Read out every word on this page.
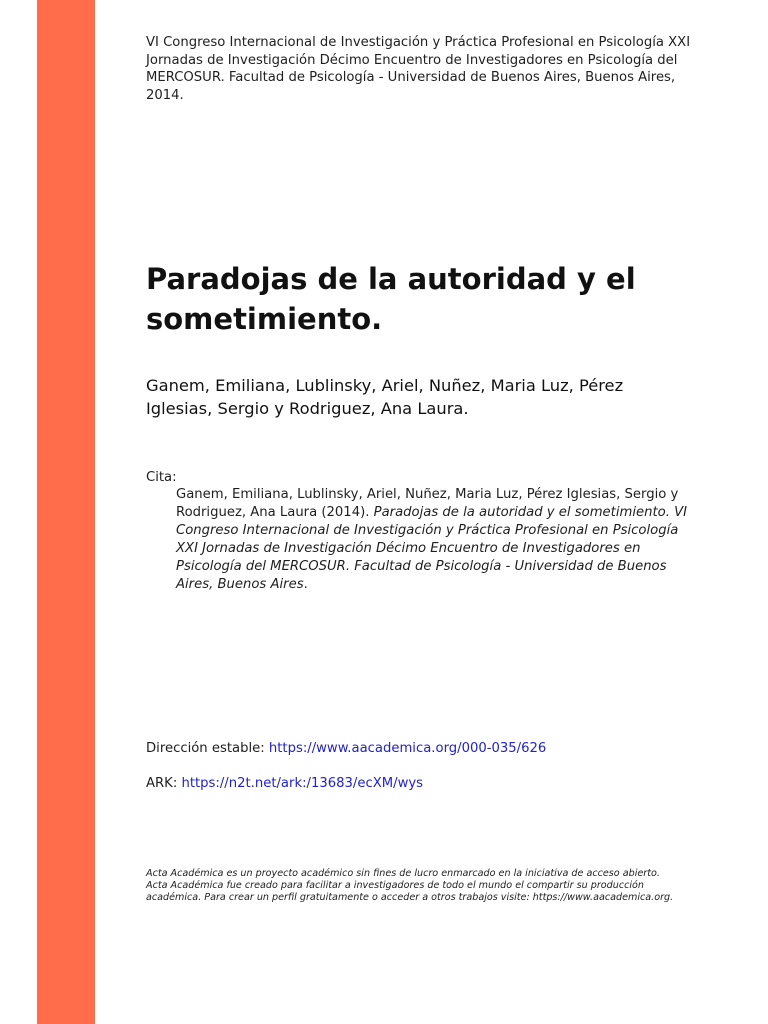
VI Congreso Internacional de Investigación y Práctica Profesional en Psicología XXI Jornadas de Investigación Décimo Encuentro de Investigadores en Psicología del MERCOSUR. Facultad de Psicología - Universidad de Buenos Aires, Buenos Aires, 2014.

Paradojas de la autoridad y el sometimiento.

Ganem, Emiliana, Lublinsky, Ariel, Nuñez, Maria Luz, Pérez Iglesias, Sergio y Rodriguez, Ana Laura.

Cita:

Ganem, Emiliana, Lublinsky, Ariel, Nuñez, Maria Luz, Pérez Iglesias, Sergio y Rodriguez, Ana Laura (2014). Paradojas de la autoridad y el sometimiento. VI Congreso Internacional de Investigación y Práctica Profesional en Psicología XXI Jornadas de Investigación Décimo Encuentro de Investigadores en Psicología del MERCOSUR. Facultad de Psicología - Universidad de Buenos Aires, Buenos Aires.

Dirección estable: https://www.aacademica.org/000-035/626
ARK: https://n2t.net/ark:/13683/ecXM/wys

Acta Académica es un proyecto académico sin fines de lucro enmarcado en la iniciativa de acceso abierto. Acta Académica fue creado para facilitar a investigadores de todo el mundo el compartir su producción académica. Para crear un perfil gratuitamente o acceder a otros trabajos visite: https://www.aacademica.org.
